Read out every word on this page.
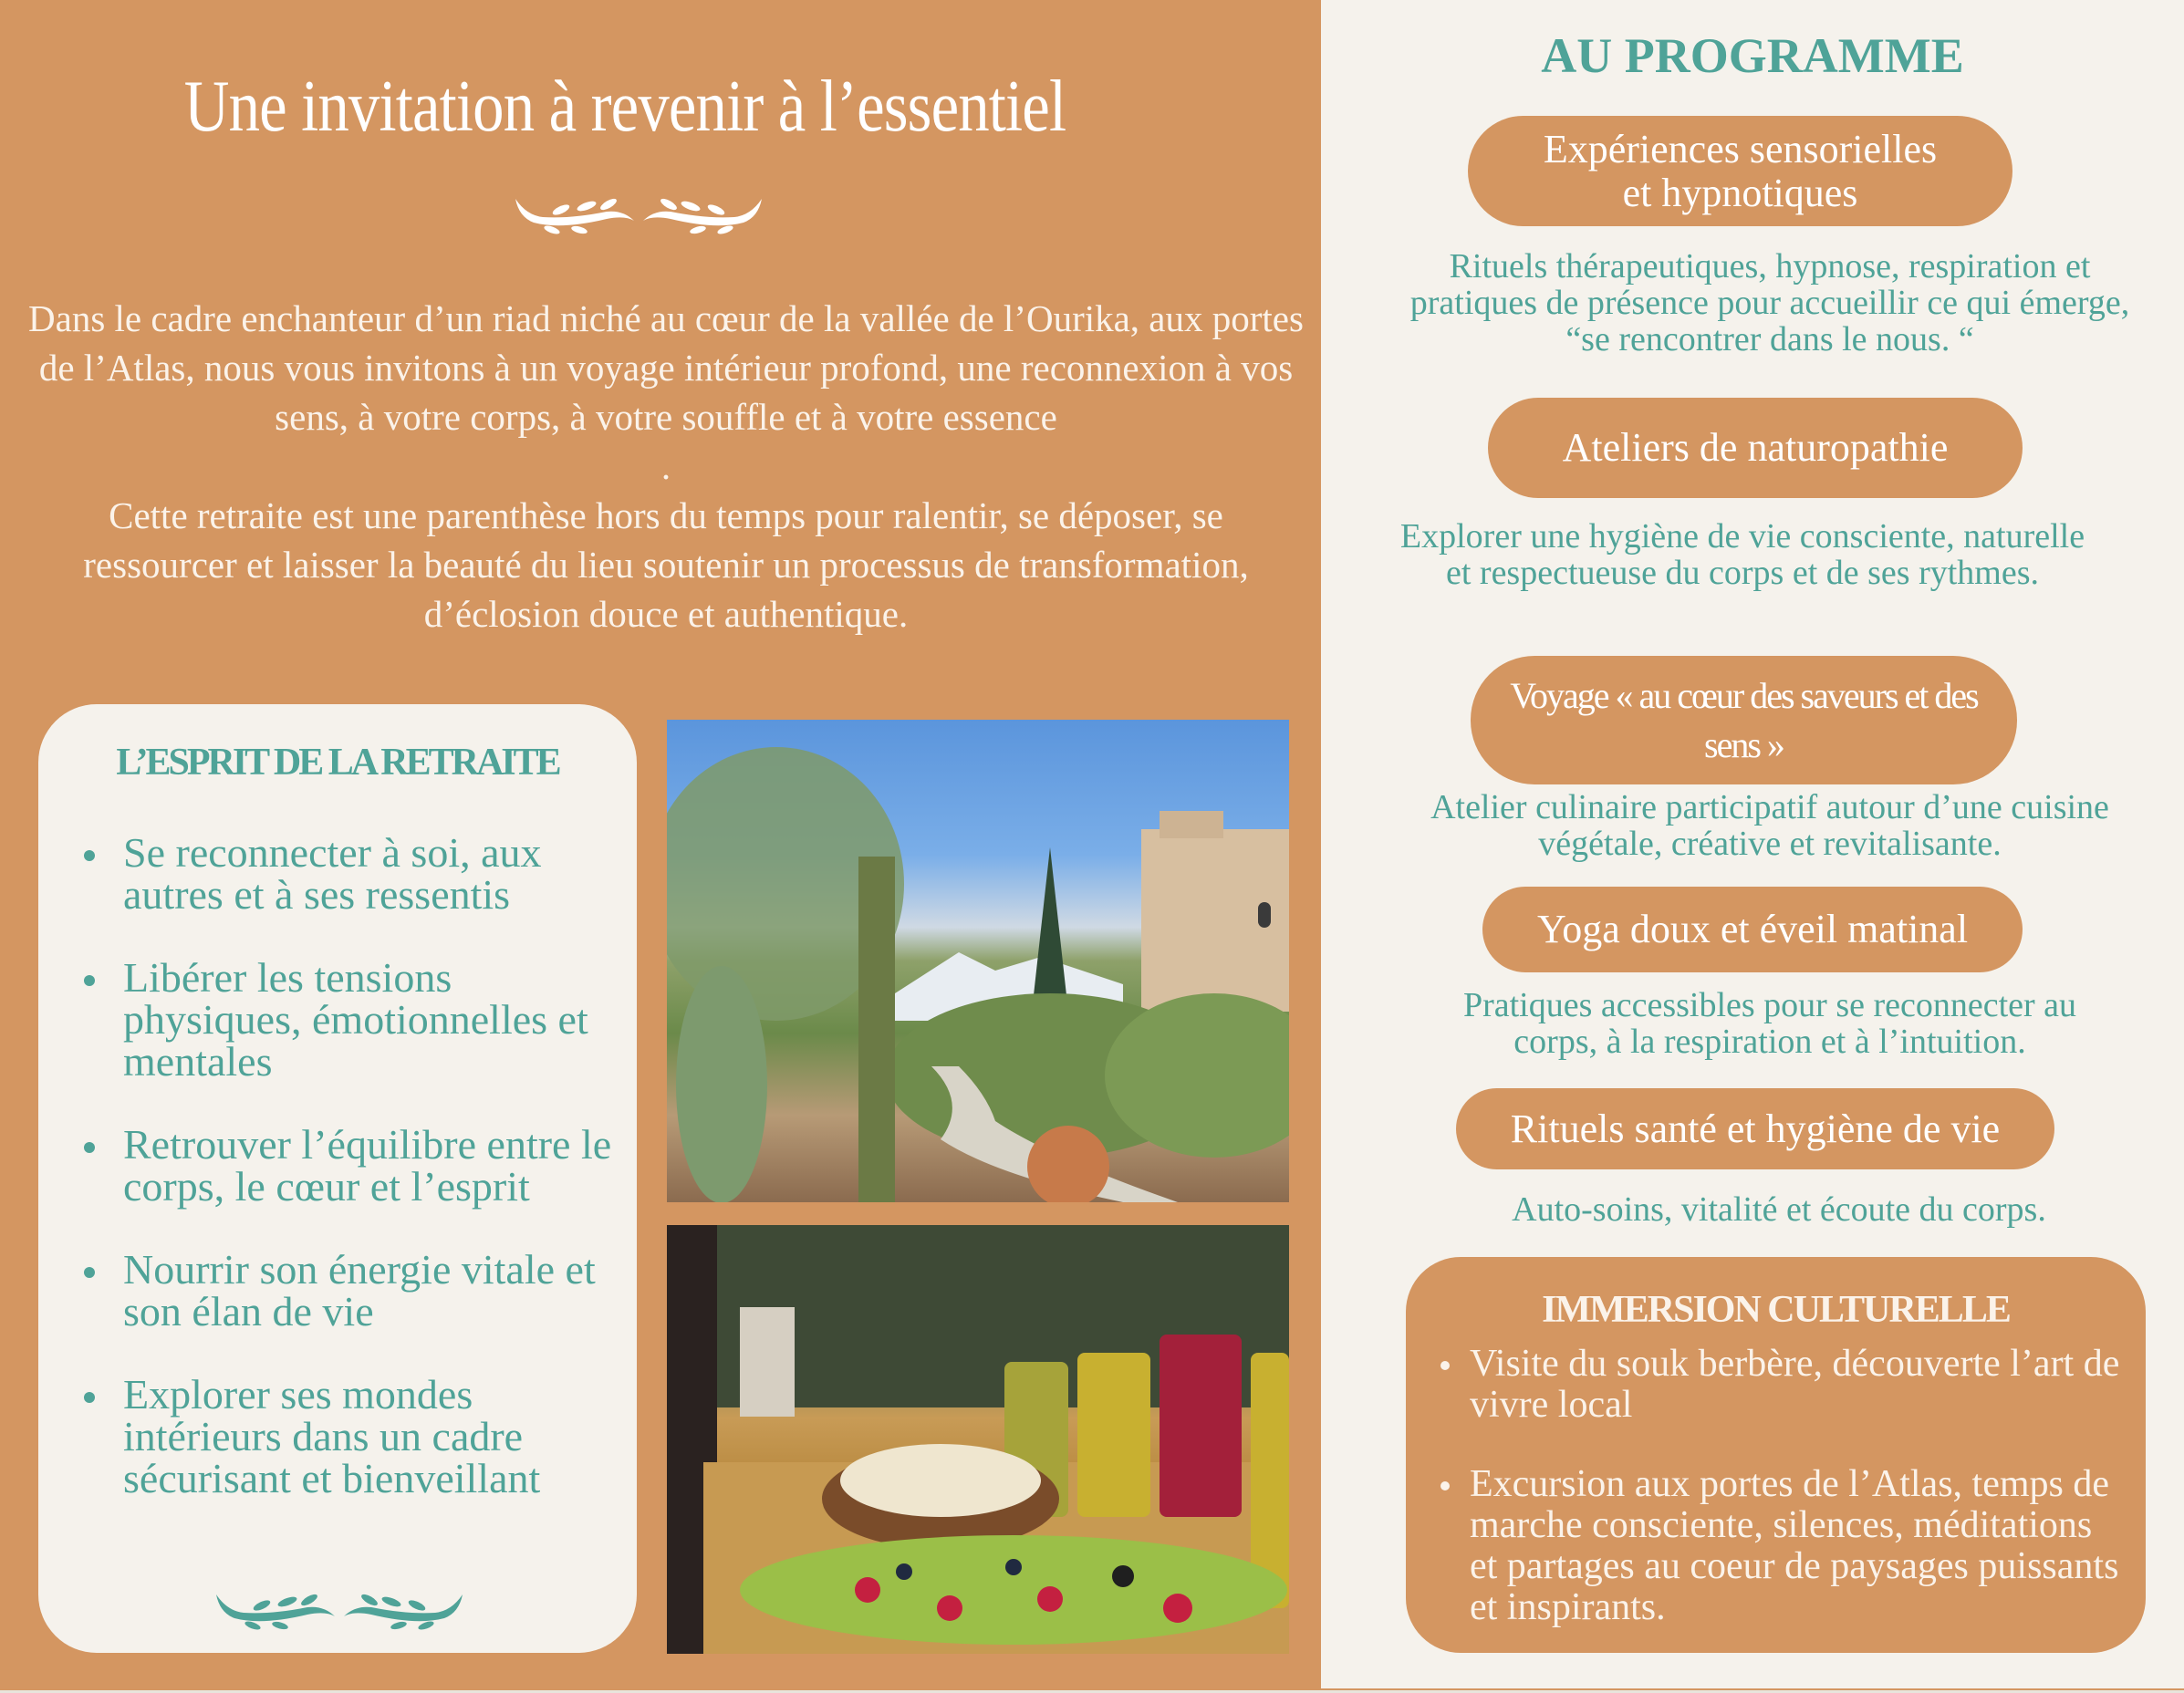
Une invitation à revenir à l’essentiel

Dans le cadre enchanteur d’un riad niché au cœur de la vallée de l’Ourika, aux portes de l’Atlas, nous vous invitons à un voyage intérieur profond, une reconnexion à vos sens, à votre corps, à votre souffle et à votre essence

.

Cette retraite est une parenthèse hors du temps pour ralentir, se déposer, se ressourcer et laisser la beauté du lieu soutenir un processus de transformation, d’éclosion douce et authentique.

L’ESPRIT DE LA RETRAITE
Se reconnecter à soi, aux autres et à ses ressentis
Libérer les tensions physiques, émotionnelles et mentales
Retrouver l’équilibre entre le corps, le cœur et l’esprit
Nourrir son énergie vitale et son élan de vie
Explorer ses mondes intérieurs dans un cadre sécurisant et bienveillant
AU PROGRAMME
Expériences sensorielles et hypnotiques
Rituels thérapeutiques, hypnose, respiration et pratiques de présence pour accueillir ce qui émerge, “se rencontrer dans le nous. “
Ateliers de naturopathie
Explorer une hygiène de vie consciente, naturelle et respectueuse du corps et de ses rythmes.
Voyage « au cœur des saveurs et des sens »
Atelier culinaire participatif autour d’une cuisine végétale, créative et revitalisante.
Yoga doux et éveil matinal
Pratiques accessibles pour se reconnecter au corps, à la respiration et à l’intuition.
Rituels santé et hygiène de vie
Auto-soins, vitalité et écoute du corps.
IMMERSION CULTURELLE
Visite du souk berbère, découverte l’art de vivre local
Excursion aux portes de l’Atlas, temps de marche consciente, silences, méditations et partages au coeur de paysages puissants et inspirants.
